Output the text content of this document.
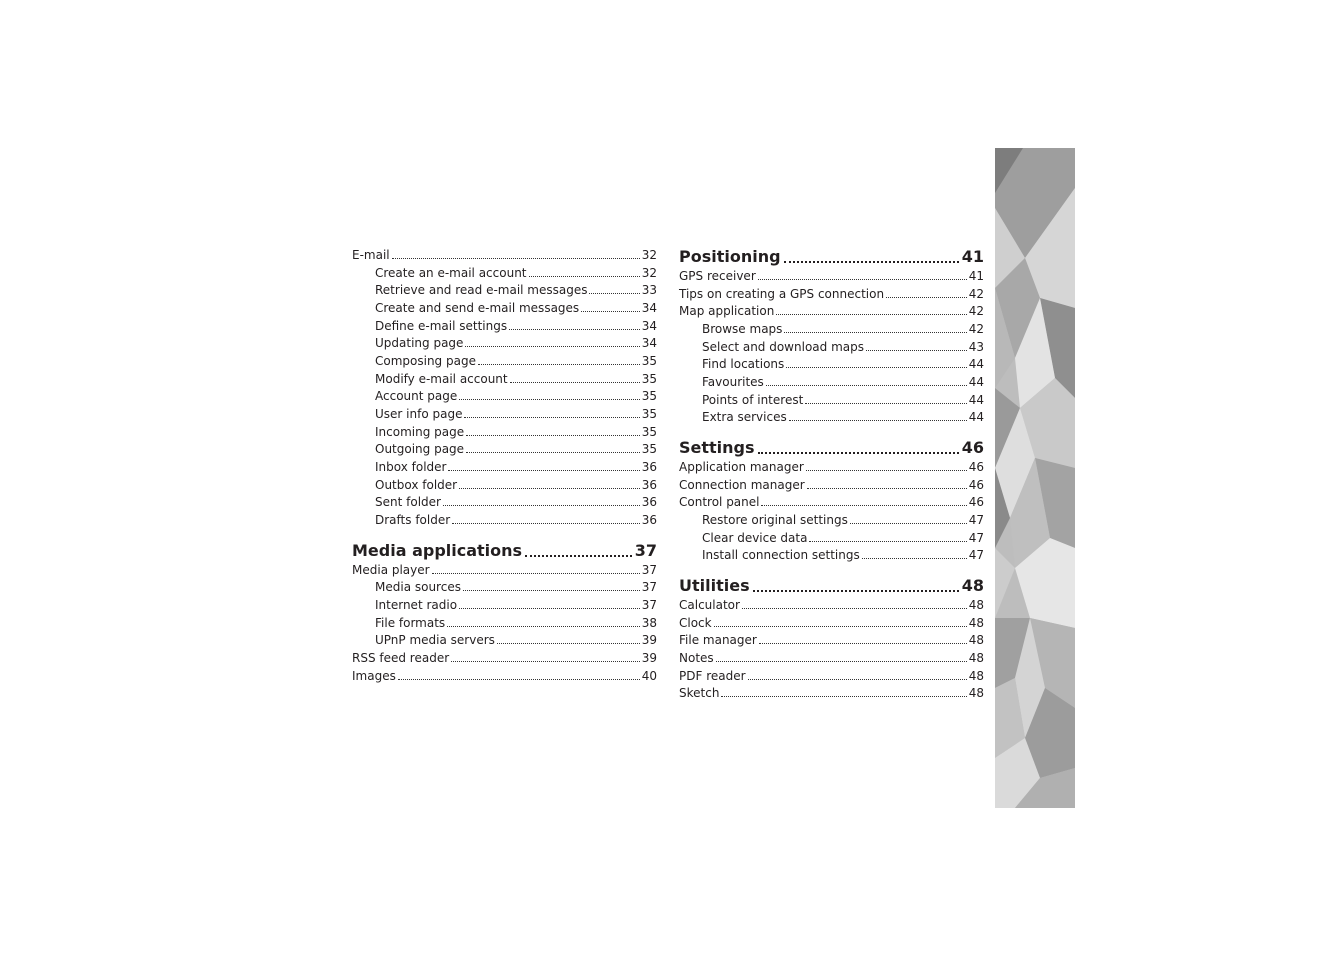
E-mail	32
Create an e-mail account	32
Retrieve and read e-mail messages	33
Create and send e-mail messages	34
Define e-mail settings	34
Updating page	34
Composing page	35
Modify e-mail account	35
Account page	35
User info page	35
Incoming page	35
Outgoing page	35
Inbox folder	36
Outbox folder	36
Sent folder	36
Drafts folder	36
Media applications	37
Media player	37
Media sources	37
Internet radio	37
File formats	38
UPnP media servers	39
RSS feed reader	39
Images	40
Positioning	41
GPS receiver	41
Tips on creating a GPS connection	42
Map application	42
Browse maps	42
Select and download maps	43
Find locations	44
Favourites	44
Points of interest	44
Extra services	44
Settings	46
Application manager	46
Connection manager	46
Control panel	46
Restore original settings	47
Clear device data	47
Install connection settings	47
Utilities	48
Calculator	48
Clock	48
File manager	48
Notes	48
PDF reader	48
Sketch	48
